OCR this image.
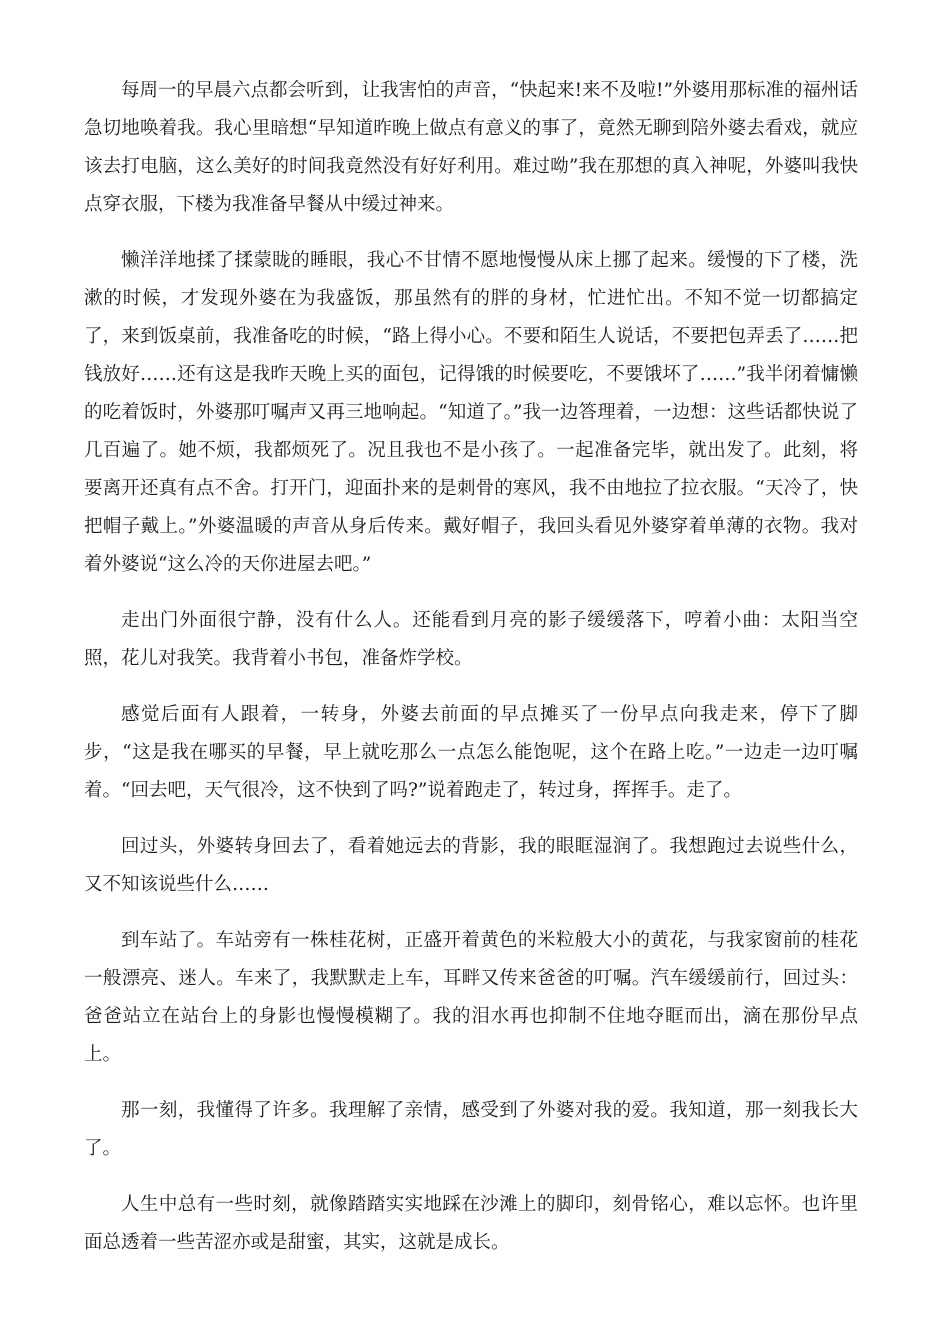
每周一的早晨六点都会听到，让我害怕的声音，“快起来!来不及啦!”外婆用那标准的福州话急切地唤着我。我心里暗想“早知道昨晚上做点有意义的事了，竟然无聊到陪外婆去看戏，就应该去打电脑，这么美好的时间我竟然没有好好利用。难过呦”我在那想的真入神呢，外婆叫我快点穿衣服，下楼为我准备早餐从中缓过神来。

懒洋洋地揉了揉蒙眬的睡眼，我心不甘情不愿地慢慢从床上挪了起来。缓慢的下了楼，洗漱的时候，才发现外婆在为我盛饭，那虽然有的胖的身材，忙进忙出。不知不觉一切都搞定了，来到饭桌前，我准备吃的时候，“路上得小心。不要和陌生人说话，不要把包弄丢了……把钱放好……还有这是我昨天晚上买的面包，记得饿的时候要吃，不要饿坏了……”我半闭着慵懒的吃着饭时，外婆那叮嘱声又再三地响起。“知道了。”我一边答理着，一边想：这些话都快说了几百遍了。她不烦，我都烦死了。况且我也不是小孩了。一起准备完毕，就出发了。此刻，将要离开还真有点不舍。打开门，迎面扑来的是刺骨的寒风，我不由地拉了拉衣服。“天冷了，快把帽子戴上。”外婆温暖的声音从身后传来。戴好帽子，我回头看见外婆穿着单薄的衣物。我对着外婆说“这么冷的天你进屋去吧。”

走出门外面很宁静，没有什么人。还能看到月亮的影子缓缓落下，哼着小曲：太阳当空照，花儿对我笑。我背着小书包，准备炸学校。

感觉后面有人跟着，一转身，外婆去前面的早点摊买了一份早点向我走来，停下了脚步，“这是我在哪买的早餐，早上就吃那么一点怎么能饱呢，这个在路上吃。”一边走一边叮嘱着。“回去吧，天气很冷，这不快到了吗?”说着跑走了，转过身，挥挥手。走了。

回过头，外婆转身回去了，看着她远去的背影，我的眼眶湿润了。我想跑过去说些什么，又不知该说些什么……

到车站了。车站旁有一株桂花树，正盛开着黄色的米粒般大小的黄花，与我家窗前的桂花一般漂亮、迷人。车来了，我默默走上车，耳畔又传来爸爸的叮嘱。汽车缓缓前行，回过头：爸爸站立在站台上的身影也慢慢模糊了。我的泪水再也抑制不住地夺眶而出，滴在那份早点上。

那一刻，我懂得了许多。我理解了亲情，感受到了外婆对我的爱。我知道，那一刻我长大了。

人生中总有一些时刻，就像踏踏实实地踩在沙滩上的脚印，刻骨铭心，难以忘怀。也许里面总透着一些苦涩亦或是甜蜜，其实，这就是成长。
